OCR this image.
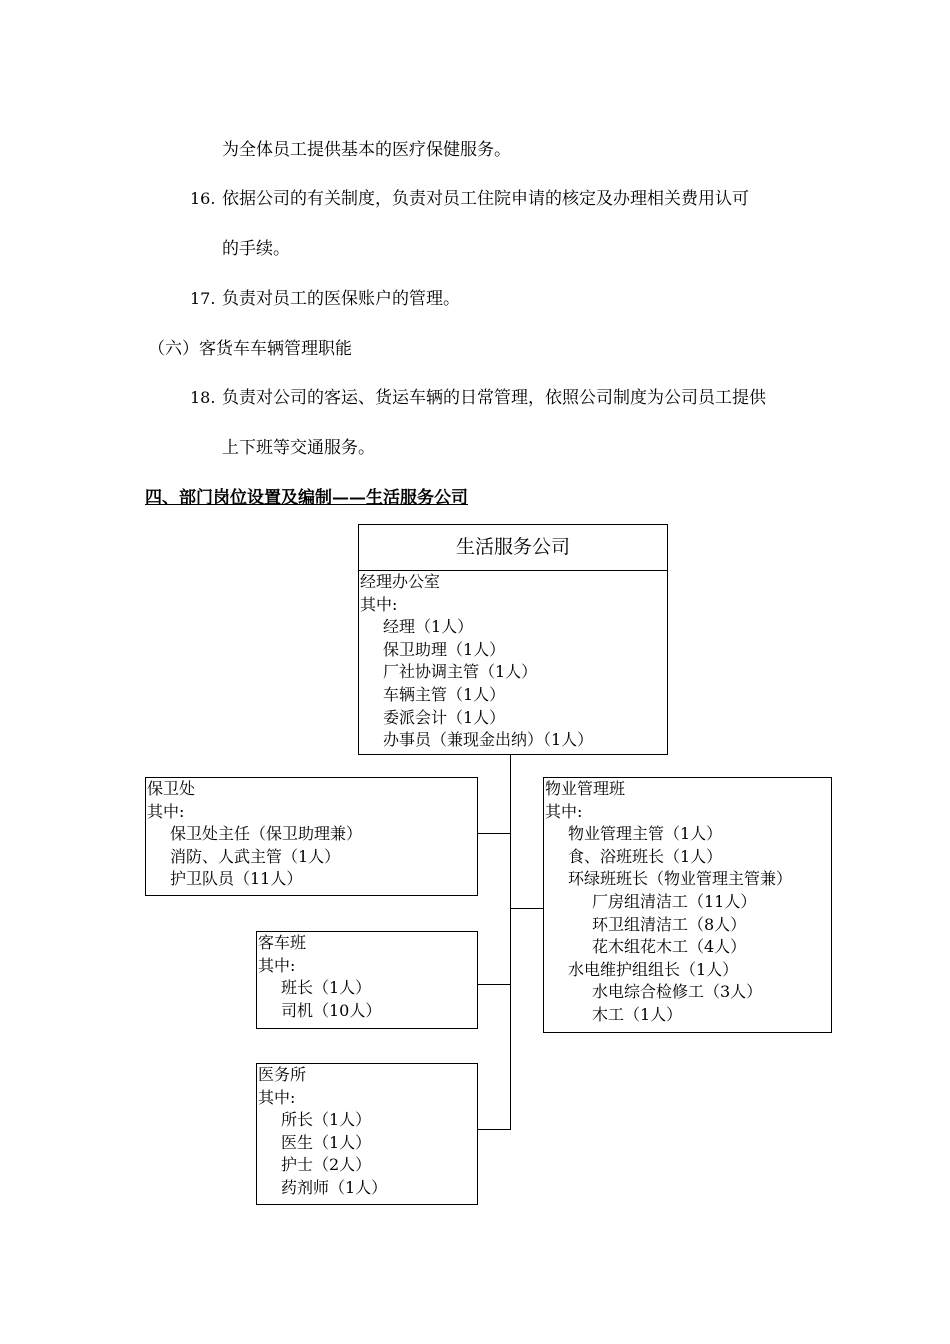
为全体员工提供基本的医疗保健服务。
16. 依据公司的有关制度，负责对员工住院申请的核定及办理相关费用认可
的手续。
17. 负责对员工的医保账户的管理。
（六）客货车车辆管理职能
18. 负责对公司的客运、货运车辆的日常管理，依照公司制度为公司员工提供
上下班等交通服务。
四、部门岗位设置及编制——生活服务公司
生活服务公司
经理办公室
其中:
经理（1人）
保卫助理（1人）
厂社协调主管（1人）
车辆主管（1人）
委派会计（1人）
办事员（兼现金出纳）（1人）
保卫处
其中:
保卫处主任（保卫助理兼）
消防、人武主管（1人）
护卫队员（11人）
客车班
其中:
班长（1人）
司机（10人）
医务所
其中:
所长（1人）
医生（1人）
护士（2人）
药剂师（1人）
物业管理班
其中:
物业管理主管（1人）
食、浴班班长（1人）
环绿班班长（物业管理主管兼）
厂房组清洁工（11人）
环卫组清洁工（8人）
花木组花木工（4人）
水电维护组组长（1人）
水电综合检修工（3人）
木工（1人）
